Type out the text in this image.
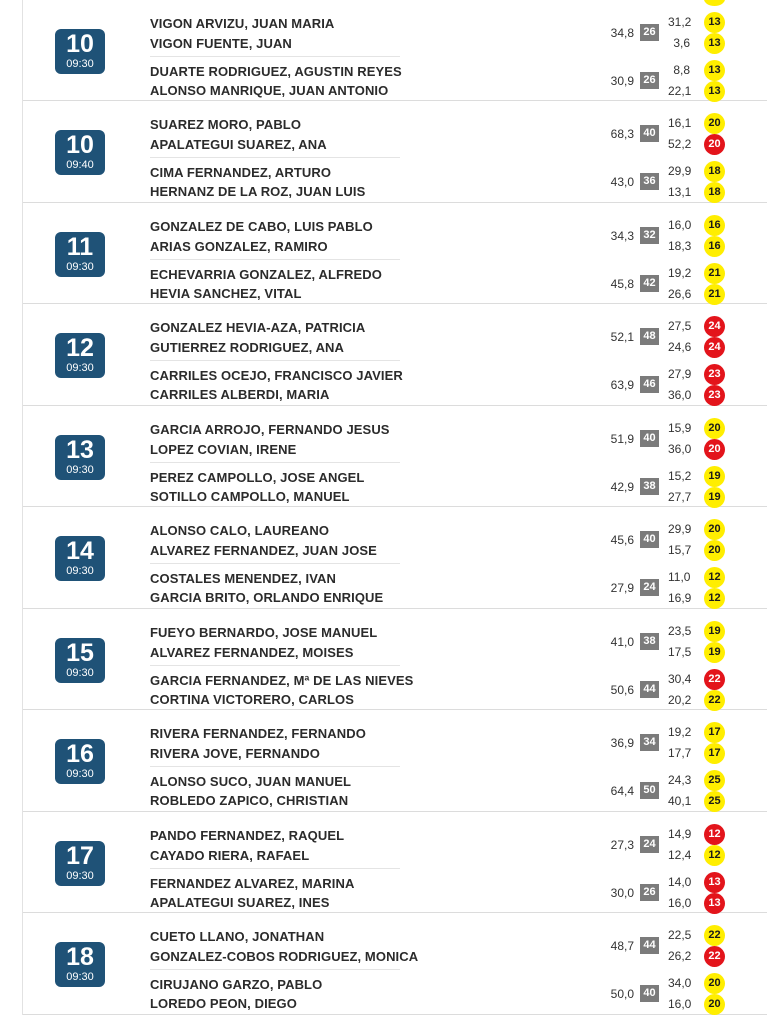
10
09:30
VIGON ARVIZU, JUAN MARIA
VIGON FUENTE, JUAN
34,8 26
31,2	13
3,6	13
DUARTE RODRIGUEZ, AGUSTIN REYES
ALONSO MANRIQUE, JUAN ANTONIO
30,9 26
8,8	13
22,1	13
10
09:40
SUAREZ MORO, PABLO
APALATEGUI SUAREZ, ANA
68,3 40
16,1	20
52,2	20
CIMA FERNANDEZ, ARTURO
HERNANZ DE LA ROZ, JUAN LUIS
43,0 36
29,9	18
13,1	18
11
09:30
GONZALEZ DE CABO, LUIS PABLO
ARIAS GONZALEZ, RAMIRO
34,3 32
16,0	16
18,3	16
ECHEVARRIA GONZALEZ, ALFREDO
HEVIA SANCHEZ, VITAL
45,8 42
19,2	21
26,6	21
12
09:30
GONZALEZ HEVIA-AZA, PATRICIA
GUTIERREZ RODRIGUEZ, ANA
52,1 48
27,5	24
24,6	24
CARRILES OCEJO, FRANCISCO JAVIER
CARRILES ALBERDI, MARIA
63,9 46
27,9	23
36,0	23
13
09:30
GARCIA ARROJO, FERNANDO JESUS
LOPEZ COVIAN, IRENE
51,9 40
15,9	20
36,0	20
PEREZ CAMPOLLO, JOSE ANGEL
SOTILLO CAMPOLLO, MANUEL
42,9 38
15,2	19
27,7	19
14
09:30
ALONSO CALO, LAUREANO
ALVAREZ FERNANDEZ, JUAN JOSE
45,6 40
29,9	20
15,7	20
COSTALES MENENDEZ, IVAN
GARCIA BRITO, ORLANDO ENRIQUE
27,9 24
11,0	12
16,9	12
15
09:30
FUEYO BERNARDO, JOSE MANUEL
ALVAREZ FERNANDEZ, MOISES
41,0 38
23,5	19
17,5	19
GARCIA FERNANDEZ, Mª DE LAS NIEVES
CORTINA VICTORERO, CARLOS
50,6 44
30,4	22
20,2	22
16
09:30
RIVERA FERNANDEZ, FERNANDO
RIVERA JOVE, FERNANDO
36,9 34
19,2	17
17,7	17
ALONSO SUCO, JUAN MANUEL
ROBLEDO ZAPICO, CHRISTIAN
64,4 50
24,3	25
40,1	25
17
09:30
PANDO FERNANDEZ, RAQUEL
CAYADO RIERA, RAFAEL
27,3 24
14,9	12
12,4	12
FERNANDEZ ALVAREZ, MARINA
APALATEGUI SUAREZ, INES
30,0 26
14,0	13
16,0	13
18
09:30
CUETO LLANO, JONATHAN
GONZALEZ-COBOS RODRIGUEZ, MONICA
48,7 44
22,5	22
26,2	22
CIRUJANO GARZO, PABLO
LOREDO PEON, DIEGO
50,0 40
34,0	20
16,0	20
